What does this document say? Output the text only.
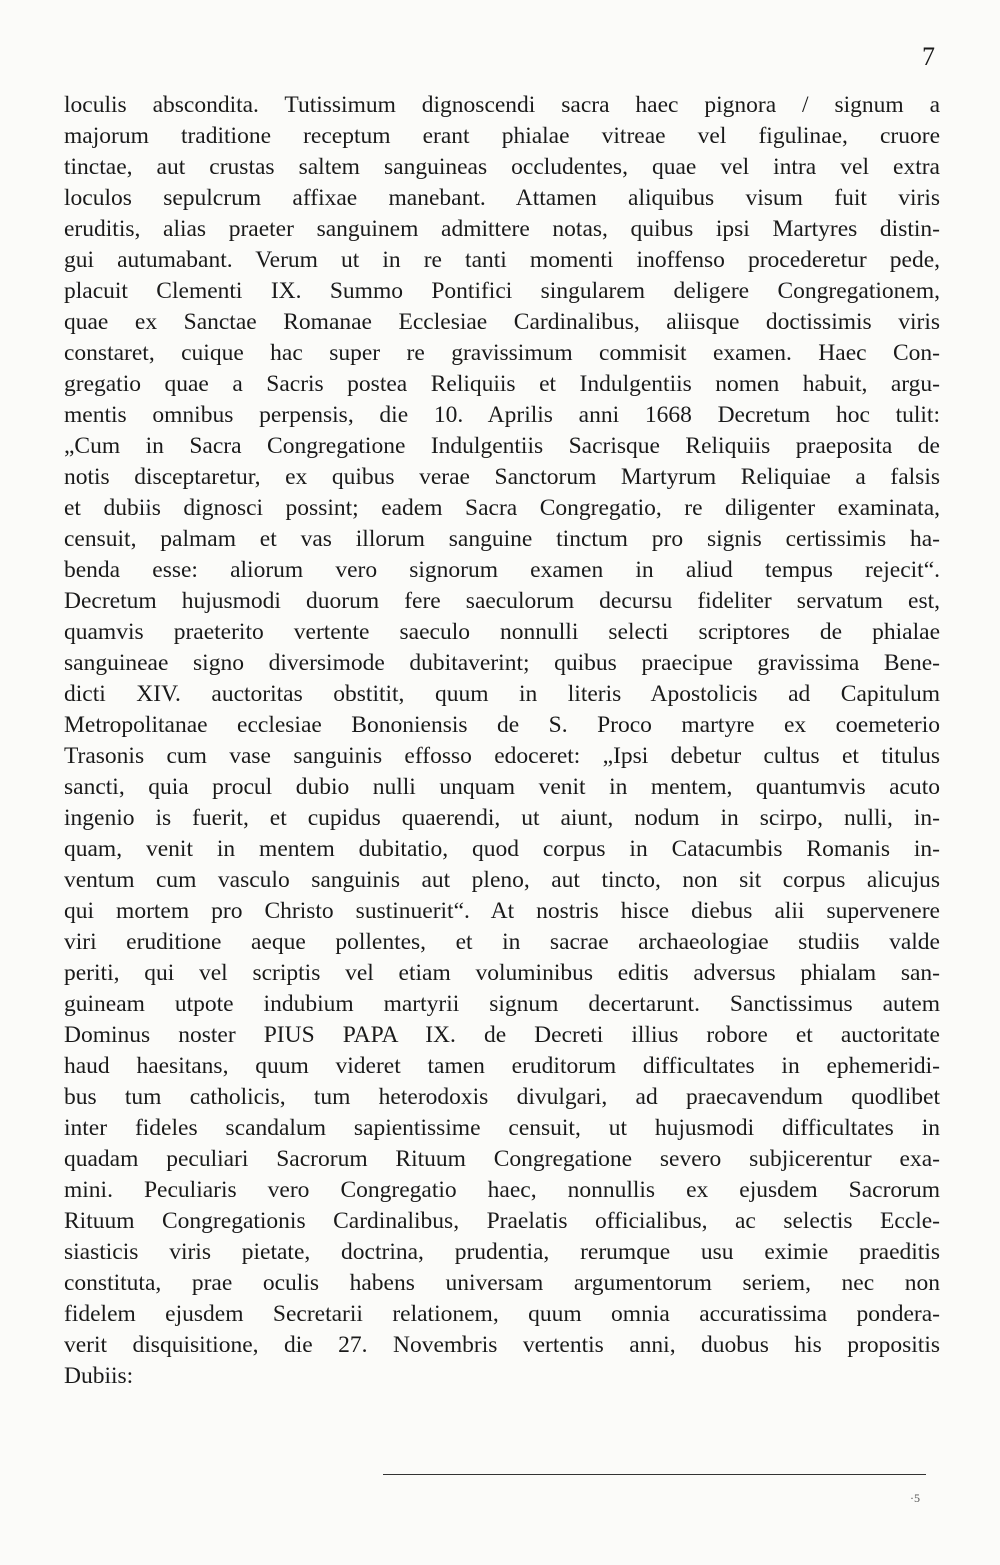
7
loculis abscondita. Tutissimum dignoscendi sacra haec pignora / signum a
majorum traditione receptum erant phialae vitreae vel figulinae, cruore
tinctae, aut crustas saltem sanguineas occludentes, quae vel intra vel extra
loculos sepulcrum affixae manebant. Attamen aliquibus visum fuit viris
eruditis, alias praeter sanguinem admittere notas, quibus ipsi Martyres distin-
gui autumabant. Verum ut in re tanti momenti inoffenso procederetur pede,
placuit Clementi IX. Summo Pontifici singularem deligere Congregationem,
quae ex Sanctae Romanae Ecclesiae Cardinalibus, aliisque doctissimis viris
constaret, cuique hac super re gravissimum commisit examen. Haec Con-
gregatio quae a Sacris postea Reliquiis et Indulgentiis nomen habuit, argu-
mentis omnibus perpensis, die 10. Aprilis anni 1668 Decretum hoc tulit:
„Cum in Sacra Congregatione Indulgentiis Sacrisque Reliquiis praeposita de
notis disceptaretur, ex quibus verae Sanctorum Martyrum Reliquiae a falsis
et dubiis dignosci possint; eadem Sacra Congregatio, re diligenter examinata,
censuit, palmam et vas illorum sanguine tinctum pro signis certissimis ha-
benda esse: aliorum vero signorum examen in aliud tempus rejecit“.
Decretum hujusmodi duorum fere saeculorum decursu fideliter servatum est,
quamvis praeterito vertente saeculo nonnulli selecti scriptores de phialae
sanguineae signo diversimode dubitaverint; quibus praecipue gravissima Bene-
dicti XIV. auctoritas obstitit, quum in literis Apostolicis ad Capitulum
Metropolitanae ecclesiae Bononiensis de S. Proco martyre ex coemeterio
Trasonis cum vase sanguinis effosso edoceret: „Ipsi debetur cultus et titulus
sancti, quia procul dubio nulli unquam venit in mentem, quantumvis acuto
ingenio is fuerit, et cupidus quaerendi, ut aiunt, nodum in scirpo, nulli, in-
quam, venit in mentem dubitatio, quod corpus in Catacumbis Romanis in-
ventum cum vasculo sanguinis aut pleno, aut tincto, non sit corpus alicujus
qui mortem pro Christo sustinuerit“. At nostris hisce diebus alii supervenere
viri eruditione aeque pollentes, et in sacrae archaeologiae studiis valde
periti, qui vel scriptis vel etiam voluminibus editis adversus phialam san-
guineam utpote indubium martyrii signum decertarunt. Sanctissimus autem
Dominus noster PIUS PAPA IX. de Decreti illius robore et auctoritate
haud haesitans, quum videret tamen eruditorum difficultates in ephemeridi-
bus tum catholicis, tum heterodoxis divulgari, ad praecavendum quodlibet
inter fideles scandalum sapientissime censuit, ut hujusmodi difficultates in
quadam peculiari Sacrorum Rituum Congregatione severo subjicerentur exa-
mini. Peculiaris vero Congregatio haec, nonnullis ex ejusdem Sacrorum
Rituum Congregationis Cardinalibus, Praelatis officialibus, ac selectis Eccle-
siasticis viris pietate, doctrina, prudentia, rerumque usu eximie praeditis
constituta, prae oculis habens universam argumentorum seriem, nec non
fidelem ejusdem Secretarii relationem, quum omnia accuratissima pondera-
verit disquisitione, die 27. Novembris vertentis anni, duobus his propositis
Dubiis:
·5
